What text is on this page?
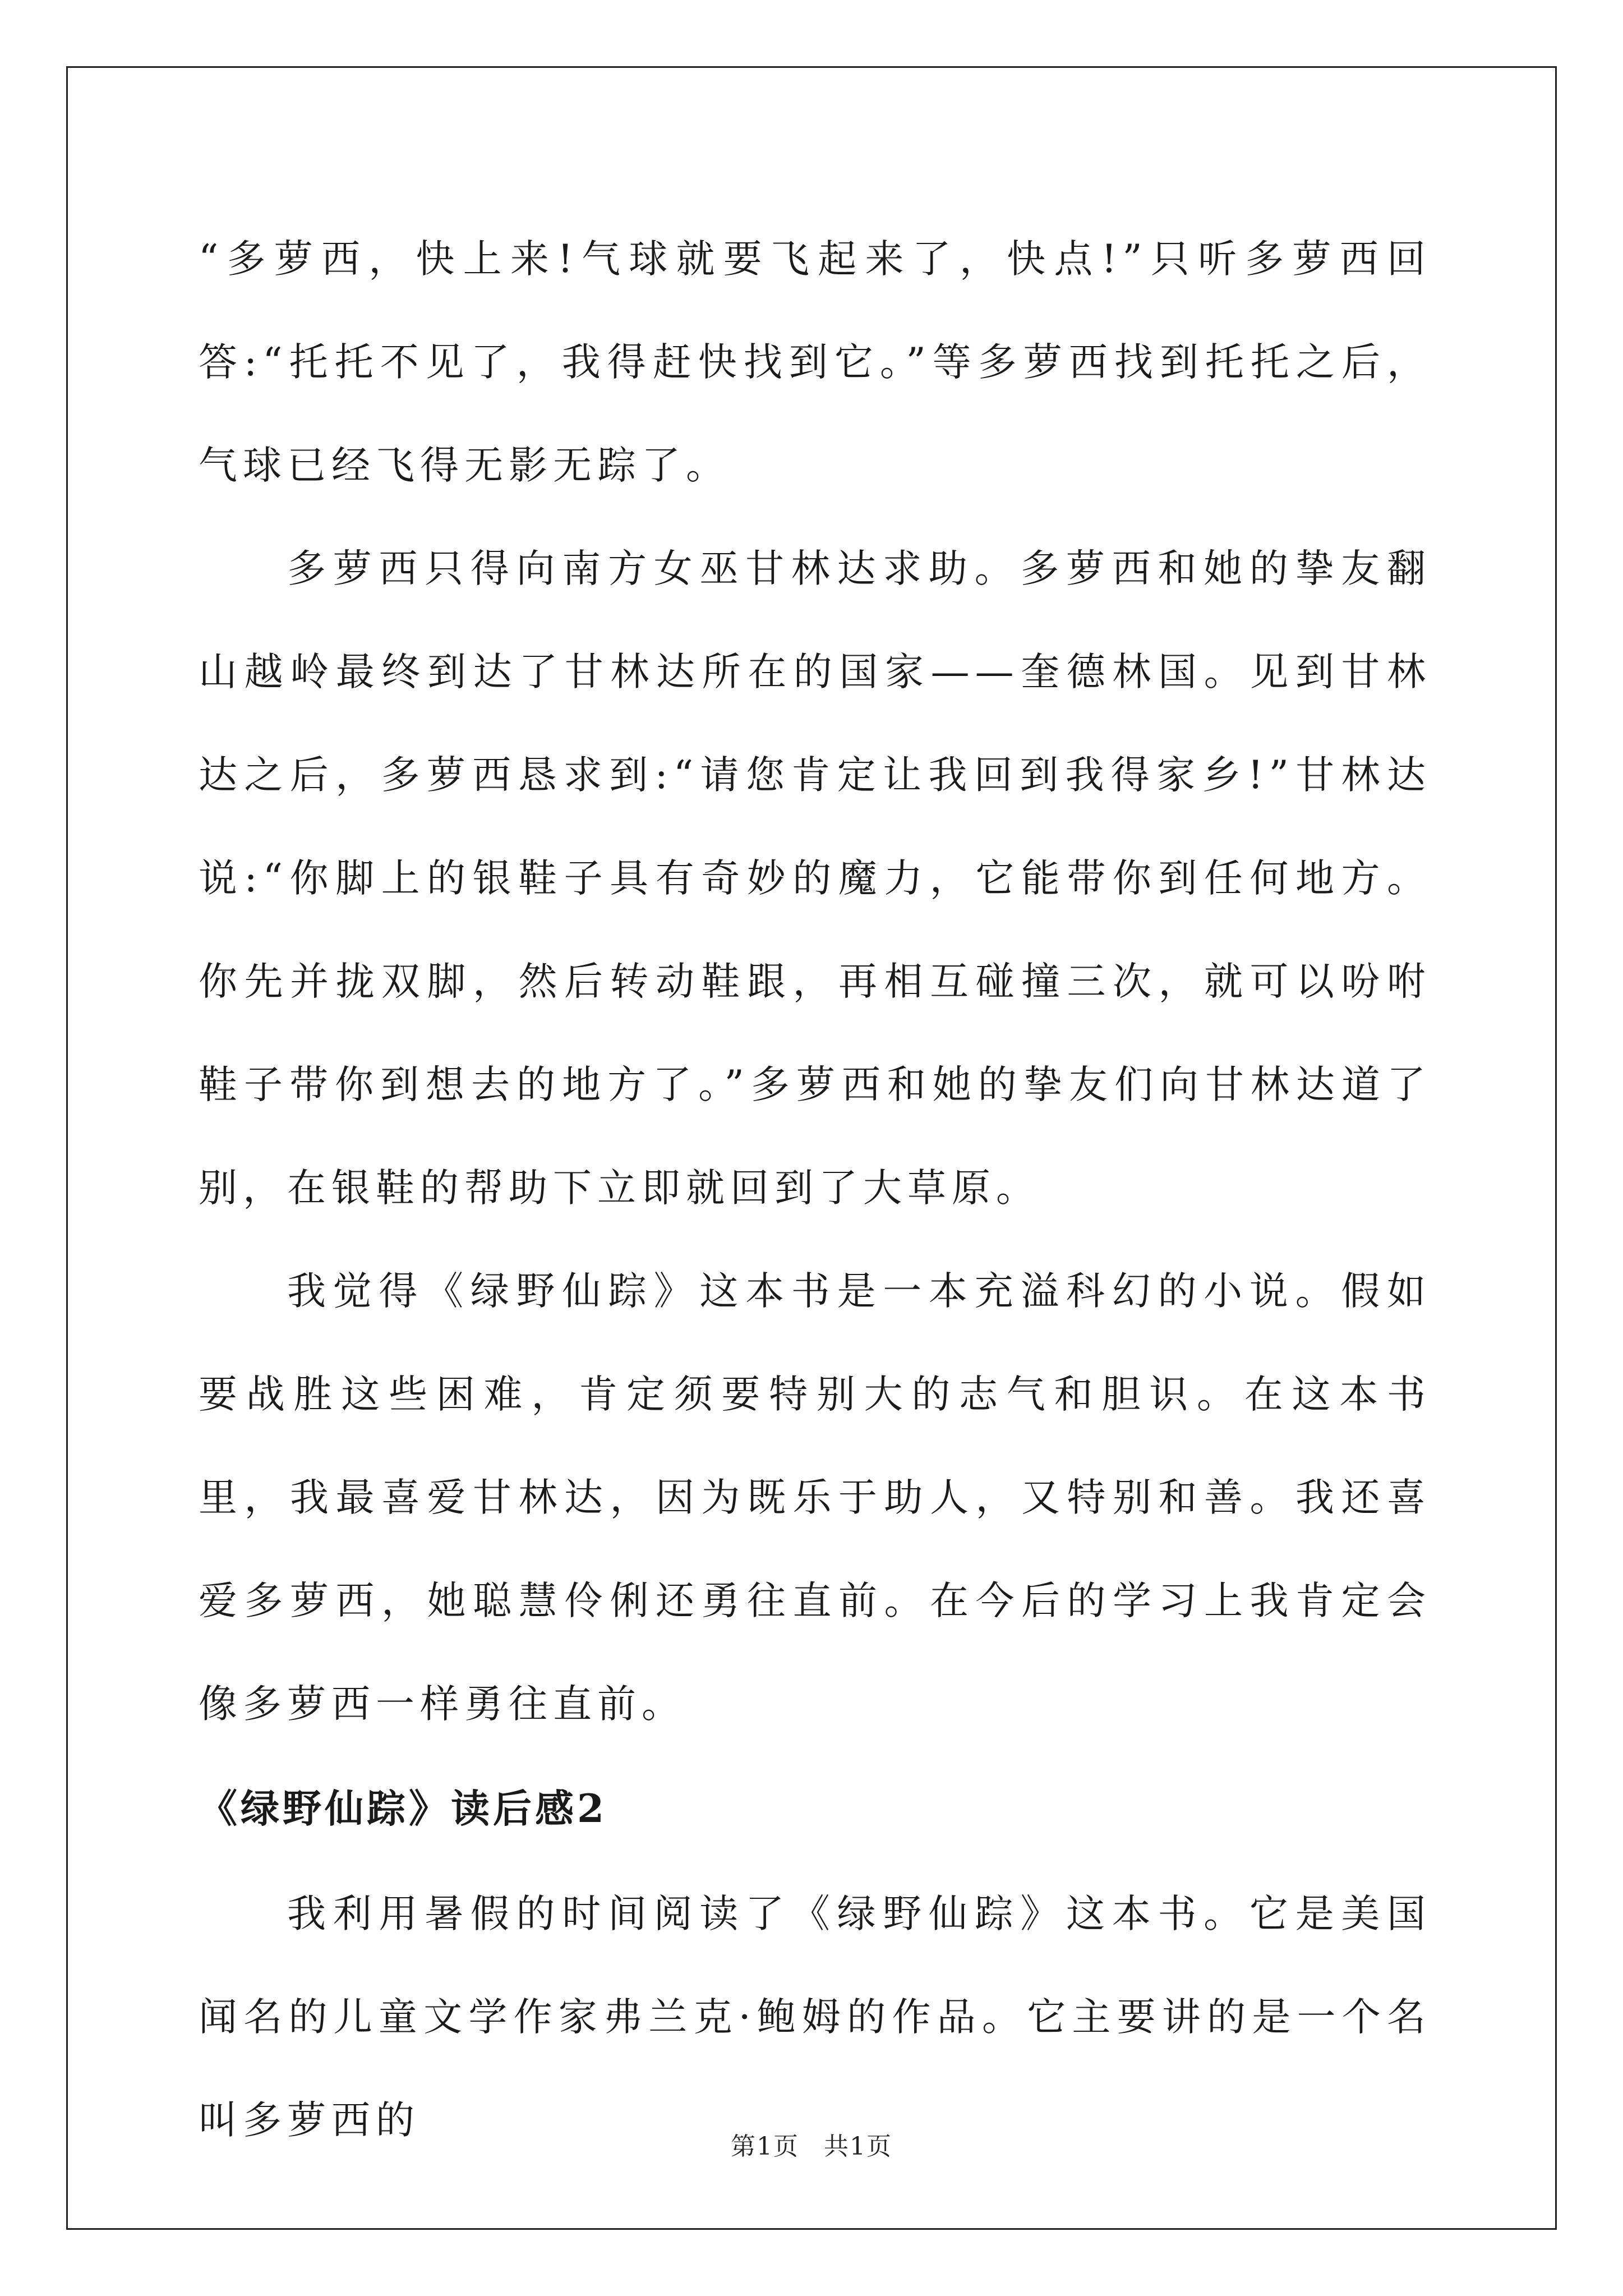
“多萝西，快上来!气球就要飞起来了，快点!”只听多萝西回答:“托托不见了，我得赶快找到它。”等多萝西找到托托之后，气球已经飞得无影无踪了。

多萝西只得向南方女巫甘林达求助。多萝西和她的挚友翻山越岭最终到达了甘林达所在的国家——奎德林国。见到甘林达之后，多萝西恳求到:“请您肯定让我回到我得家乡!”甘林达说:“你脚上的银鞋子具有奇妙的魔力，它能带你到任何地方。你先并拢双脚，然后转动鞋跟，再相互碰撞三次，就可以吩咐鞋子带你到想去的地方了。”多萝西和她的挚友们向甘林达道了别，在银鞋的帮助下立即就回到了大草原。

我觉得《绿野仙踪》这本书是一本充溢科幻的小说。假如要战胜这些困难，肯定须要特别大的志气和胆识。在这本书里，我最喜爱甘林达，因为既乐于助人，又特别和善。我还喜爱多萝西，她聪慧伶俐还勇往直前。在今后的学习上我肯定会像多萝西一样勇往直前。

《绿野仙踪》读后感2

我利用暑假的时间阅读了《绿野仙踪》这本书。它是美国闻名的儿童文学作家弗兰克·鲍姆的作品。它主要讲的是一个名叫多萝西的

第1页 共1页
